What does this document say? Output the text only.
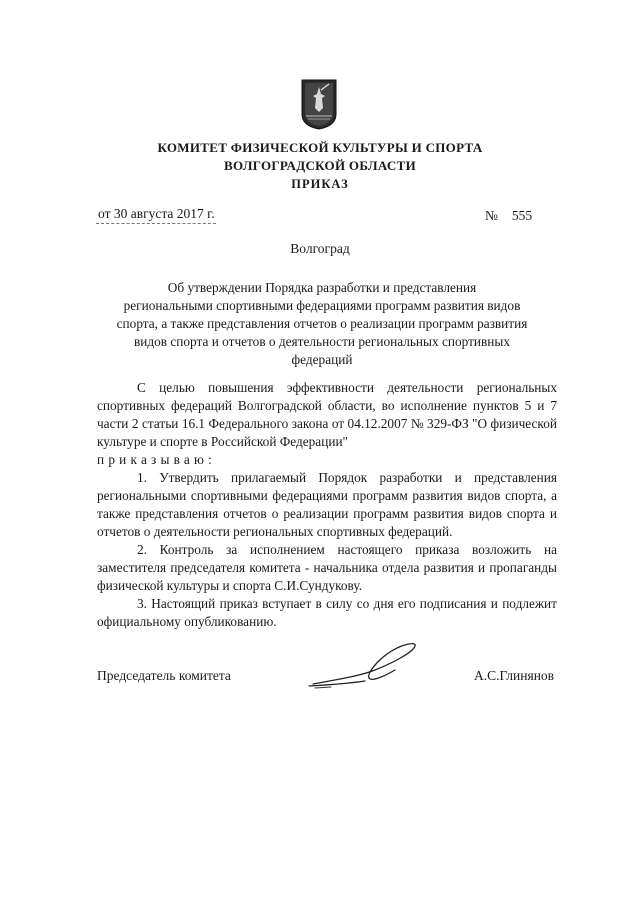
КОМИТЕТ ФИЗИЧЕСКОЙ КУЛЬТУРЫ И СПОРТА
ВОЛГОГРАДСКОЙ ОБЛАСТИ
ПРИКАЗ
от 30 августа 2017 г.	№ 555
Волгоград
Об утверждении Порядка разработки и представления
региональными спортивными федерациями программ развития видов
спорта, а также представления отчетов о реализации программ развития
видов спорта и отчетов о деятельности региональных спортивных
федераций

С целью повышения эффективности деятельности региональных спортивных федераций Волгоградской области, во исполнение пунктов 5 и 7 части 2 статьи 16.1 Федерального закона от 04.12.2007 № 329-ФЗ "О физической культуре и спорте в Российской Федерации"

приказываю:

1. Утвердить прилагаемый Порядок разработки и представления региональными спортивными федерациями программ развития видов спорта, а также представления отчетов о реализации программ развития видов спорта и отчетов о деятельности региональных спортивных федераций.

2. Контроль за исполнением настоящего приказа возложить на заместителя председателя комитета - начальника отдела развития и пропаганды физической культуры и спорта С.И.Сундукову.

3. Настоящий приказ вступает в силу со дня его подписания и подлежит официальному опубликованию.

Председатель комитета	А.С.Глинянов
